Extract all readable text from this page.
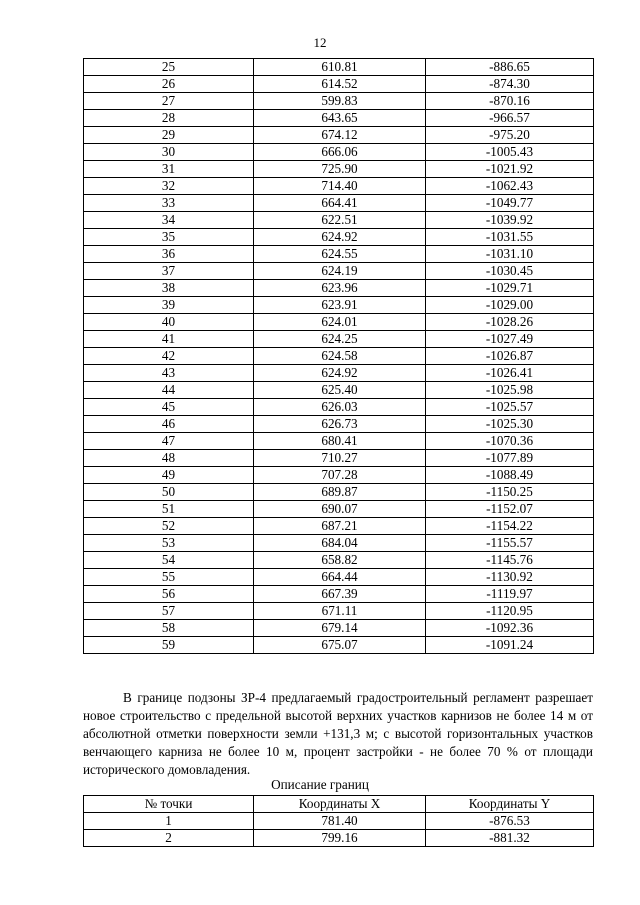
12
25	610.81	-886.65
26	614.52	-874.30
27	599.83	-870.16
28	643.65	-966.57
29	674.12	-975.20
30	666.06	-1005.43
31	725.90	-1021.92
32	714.40	-1062.43
33	664.41	-1049.77
34	622.51	-1039.92
35	624.92	-1031.55
36	624.55	-1031.10
37	624.19	-1030.45
38	623.96	-1029.71
39	623.91	-1029.00
40	624.01	-1028.26
41	624.25	-1027.49
42	624.58	-1026.87
43	624.92	-1026.41
44	625.40	-1025.98
45	626.03	-1025.57
46	626.73	-1025.30
47	680.41	-1070.36
48	710.27	-1077.89
49	707.28	-1088.49
50	689.87	-1150.25
51	690.07	-1152.07
52	687.21	-1154.22
53	684.04	-1155.57
54	658.82	-1145.76
55	664.44	-1130.92
56	667.39	-1119.97
57	671.11	-1120.95
58	679.14	-1092.36
59	675.07	-1091.24

В границе подзоны ЗР-4 предлагаемый градостроительный регламент разрешает новое строительство с предельной высотой верхних участков карнизов не более 14 м от абсолютной отметки поверхности земли +131,3 м; с высотой горизонтальных участков венчающего карниза не более 10 м, процент застройки - не более 70 % от площади исторического домовладения.

Описание границ
№ точки	Координаты X	Координаты Y
1	781.40	-876.53
2	799.16	-881.32
